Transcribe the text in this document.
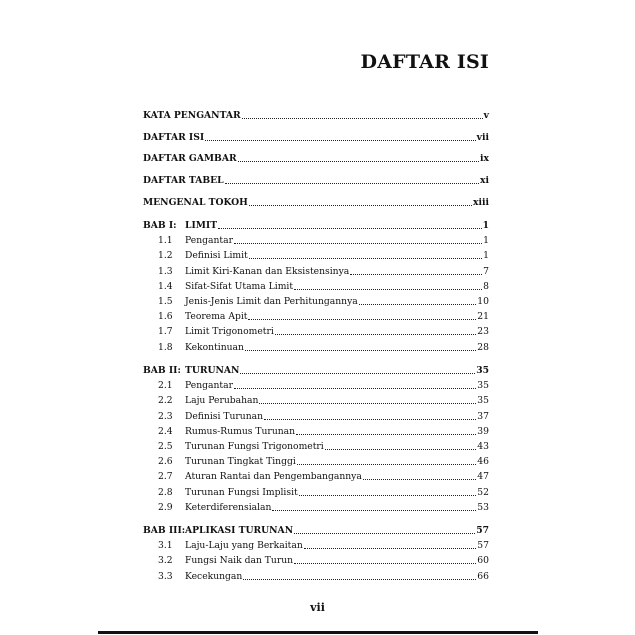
DAFTAR ISI
KATA PENGANTAR	v
DAFTAR ISI	vii
DAFTAR GAMBAR	ix
DAFTAR TABEL	xi
MENGENAL TOKOH	xiii
BAB I: LIMIT	1
1.1	Pengantar	1
1.2	Definisi Limit	1
1.3	Limit Kiri-Kanan dan Eksistensinya	7
1.4	Sifat-Sifat Utama Limit	8
1.5	Jenis-Jenis Limit dan Perhitungannya	10
1.6	Teorema Apit	21
1.7	Limit Trigonometri	23
1.8	Kekontinuan	28
BAB II: TURUNAN	35
2.1	Pengantar	35
2.2	Laju Perubahan	35
2.3	Definisi Turunan	37
2.4	Rumus-Rumus Turunan	39
2.5	Turunan Fungsi Trigonometri	43
2.6	Turunan Tingkat Tinggi	46
2.7	Aturan Rantai dan Pengembangannya	47
2.8	Turunan Fungsi Implisit	52
2.9	Keterdiferensialan	53
BAB III: APLIKASI TURUNAN	57
3.1	Laju-Laju yang Berkaitan	57
3.2	Fungsi Naik dan Turun	60
3.3	Kecekungan	66
vii
